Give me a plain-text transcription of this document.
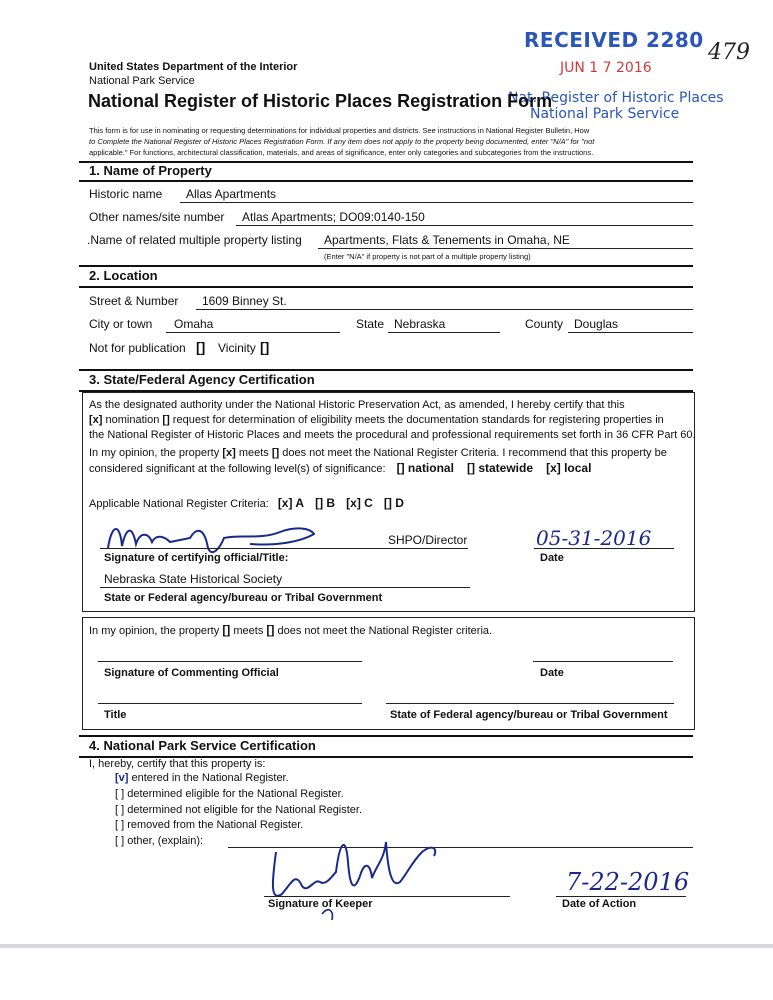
RECEIVED 2280
JUN 1 7 2016
Nat. Register of Historic Places
National Park Service
479
United States Department of the Interior
National Park Service
National Register of Historic Places Registration Form
This form is for use in nominating or requesting determinations for individual properties and districts. See instructions in National Register Bulletin, How
to Complete the National Register of Historic Places Registration Form. If any item does not apply to the property being documented, enter "N/A" for "not
applicable." For functions, architectural classification, materials, and areas of significance, enter only categories and subcategories from the instructions.
1. Name of Property
Historic name Allas Apartments
Other names/site number Atlas Apartments; DO09:0140-150
.Name of related multiple property listing Apartments, Flats & Tenements in Omaha, NE
(Enter "N/A" if property is not part of a multiple property listing)
2. Location
Street & Number 1609 Binney St.
City or town Omaha	State Nebraska	County Douglas
Not for publication [] Vicinity []
3. State/Federal Agency Certification
As the designated authority under the National Historic Preservation Act, as amended, I hereby certify that this
[x] nomination [] request for determination of eligibility meets the documentation standards for registering properties in
the National Register of Historic Places and meets the procedural and professional requirements set forth in 36 CFR Part 60.
In my opinion, the property [x] meets [] does not meet the National Register Criteria. I recommend that this property be
considered significant at the following level(s) of significance: [] national [] statewide [x] local
Applicable National Register Criteria: [x] A [] B [x] C [] D
SHPO/Director	05-31-2016
Signature of certifying official/Title:	Date
Nebraska State Historical Society
State or Federal agency/bureau or Tribal Government
In my opinion, the property [] meets [] does not meet the National Register criteria.
Signature of Commenting Official	Date
Title	State of Federal agency/bureau or Tribal Government
4. National Park Service Certification
I, hereby, certify that this property is:
[v] entered in the National Register.
[ ] determined eligible for the National Register.
[ ] determined not eligible for the National Register.
[ ] removed from the National Register.
[ ] other, (explain):
7-22-2016
Signature of Keeper	Date of Action
